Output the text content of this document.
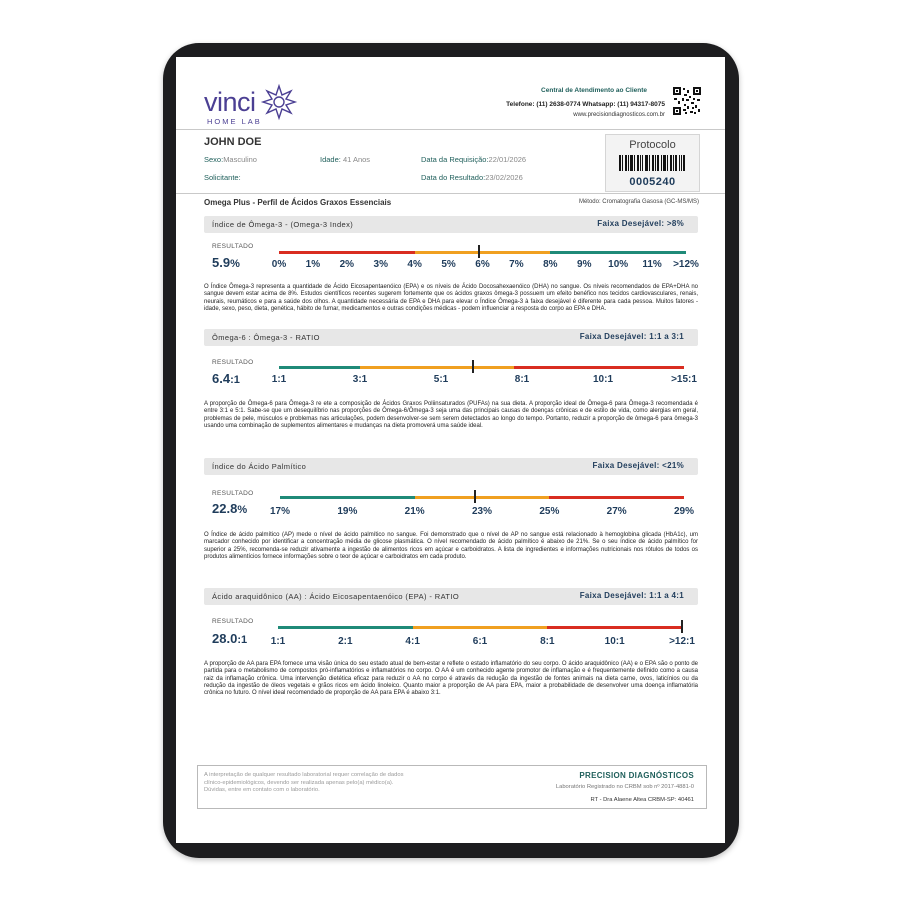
vinci
HOME LAB
Central de Atendimento ao Cliente
Telefone: (11) 2638-0774 Whatsapp: (11) 94317-8075
www.precisiondiagnosticos.com.br
JOHN DOE
Sexo:Masculino	Idade: 41 Anos	Data da Requisição:22/01/2026
Solicitante:	Data do Resultado:23/02/2026
Protocolo
0005240
Omega Plus - Perfil de Ácidos Graxos Essenciais	Método: Cromatografia Gasosa (GC-MS/MS)
Índice de Ômega-3 - (Omega-3 Index)	Faixa Desejável: >8%
RESULTADO
5.9%	0% 1% 2% 3% 4% 5% 6% 7% 8% 9% 10% 11% >12%
O Índice Ômega-3 representa a quantidade de Ácido Eicosapentaenóico (EPA) e os níveis de Ácido Docosahexaenóico (DHA) no sangue. Os níveis recomendados de EPA+DHA no sangue devem estar acima de 8%. Estudos científicos recentes sugerem fortemente que os ácidos graxos ômega-3 possuem um efeito benéfico nos tecidos cardiovasculares, renais, neurais, reumáticos e para a saúde dos olhos. A quantidade necessária de EPA e DHA para elevar o Índice Ômega-3 à faixa desejável é diferente para cada pessoa. Muitos fatores - idade, sexo, peso, dieta, genética, hábito de fumar, medicamentos e outras condições médicas - podem influenciar a resposta do corpo ao EPA e DHA.
Ômega-6 : Ômega-3 - RATIO	Faixa Desejável: 1:1 a 3:1
RESULTADO
6.4:1	1:1	3:1	5:1	8:1	10:1	>15:1
A proporção de Ômega-6 para Ômega-3 re ete a composição de Ácidos Graxos Poliinsaturados (PUFAs) na sua dieta. A proporção ideal de Ômega-6 para Ômega-3 recomendada é entre 3:1 e 5:1. Sabe-se que um desequilíbrio nas proporções de Ômega-6/Ômega-3 seja uma das principais causas de doenças crônicas e de estilo de vida, como alergias em geral, problemas de pele, músculos e problemas nas articulações, podem desenvolver-se sem serem detectados ao longo do tempo. Portanto, reduzir a proporção de ômega-6 para ômega-3 usando uma combinação de suplementos alimentares e mudanças na dieta promoverá uma saúde ideal.
Índice do Ácido Palmítico	Faixa Desejável: <21%
RESULTADO
22.8% 17%	19%	21%	23%	25%	27%	29%
O Índice de ácido palmítico (AP) mede o nível de ácido palmítico no sangue. Foi demonstrado que o nível de AP no sangue está relacionado à hemoglobina glicada (HbA1c), um marcador conhecido por identificar a concentração média de glicose plasmática. O nível recomendado de ácido palmítico é abaixo de 21%. Se o seu índice de ácido palmítico for superior a 25%, recomenda-se reduzir ativamente a ingestão de alimentos ricos em açúcar e carboidratos. A lista de ingredientes e informações nutricionais nos rótulos de todos os produtos alimentícios fornece informações sobre o teor de açúcar e carboidratos em cada produto.
Ácido araquidônico (AA) : Ácido Eicosapentaenóico (EPA) - RATIO	Faixa Desejável: 1:1 a 4:1
RESULTADO
28.0:1 1:1	2:1	4:1	6:1	8:1	10:1	>12:1
A proporção de AA para EPA fornece uma visão única do seu estado atual de bem-estar e reflete o estado inflamatório do seu corpo. O ácido araquidônico (AA) e o EPA são o ponto de partida para o metabolismo de compostos pró-inflamatórios e inflamatórios no corpo. O AA é um conhecido agente promotor de inflamação e é frequentemente definido como a causa raiz da inflamação crônica. Uma intervenção dietética eficaz para reduzir o AA no corpo é através da redução da ingestão de fontes animais na dieta carne, ovos, laticínios ou da redução da ingestão de óleos vegetais e grãos ricos em ácido linoleico. Quanto maior a proporção de AA para EPA, maior a probabilidade de desenvolver uma doença inflamatória crônica no futuro. O nível ideal recomendado de proporção de AA para EPA é abaixo 3:1.
A interpretação de qualquer resultado laboratorial requer correlação de dados clínico-epidemiológicos, devendo ser realizada apenas pelo(a) médico(a). Dúvidas, entre em contato com o laboratório.
PRECISION DIAGNÓSTICOS
Laboratório Registrado no CRBM sob nº 2017-4881-0
RT - Dra Alaene Altea CRBM-SP: 40461
